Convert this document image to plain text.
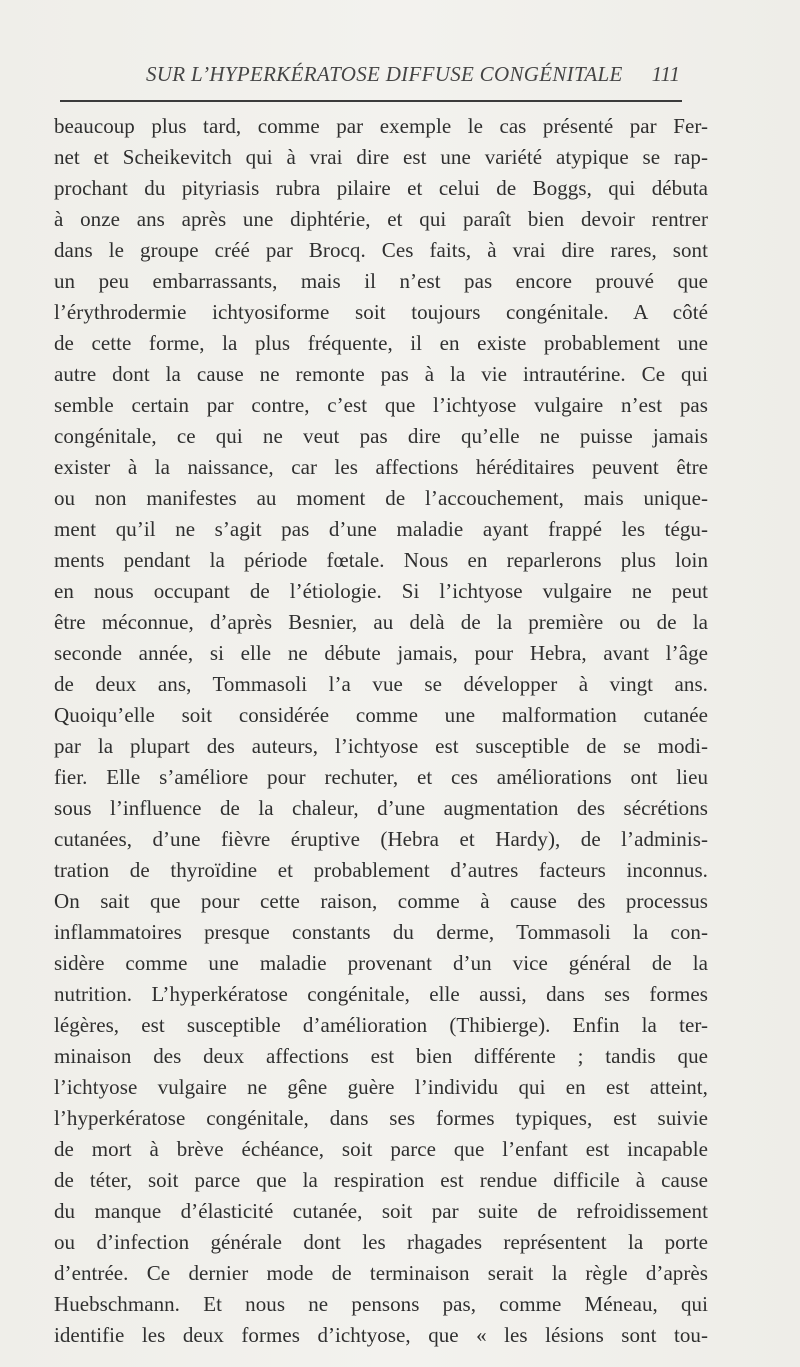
SUR L’HYPERKÉRATOSE DIFFUSE CONGÉNITALE 111
beaucoup plus tard, comme par exemple le cas présenté par Fer-
net et Scheikevitch qui à vrai dire est une variété atypique se rap-
prochant du pityriasis rubra pilaire et celui de Boggs, qui débuta
à onze ans après une diphtérie, et qui paraît bien devoir rentrer
dans le groupe créé par Brocq. Ces faits, à vrai dire rares, sont
un peu embarrassants, mais il n’est pas encore prouvé que
l’érythrodermie ichtyosiforme soit toujours congénitale. A côté
de cette forme, la plus fréquente, il en existe probablement une
autre dont la cause ne remonte pas à la vie intrautérine. Ce qui
semble certain par contre, c’est que l’ichtyose vulgaire n’est pas
congénitale, ce qui ne veut pas dire qu’elle ne puisse jamais
exister à la naissance, car les affections héréditaires peuvent être
ou non manifestes au moment de l’accouchement, mais unique-
ment qu’il ne s’agit pas d’une maladie ayant frappé les tégu-
ments pendant la période fœtale. Nous en reparlerons plus loin
en nous occupant de l’étiologie. Si l’ichtyose vulgaire ne peut
être méconnue, d’après Besnier, au delà de la première ou de la
seconde année, si elle ne débute jamais, pour Hebra, avant l’âge
de deux ans, Tommasoli l’a vue se développer à vingt ans.
Quoiqu’elle soit considérée comme une malformation cutanée
par la plupart des auteurs, l’ichtyose est susceptible de se modi-
fier. Elle s’améliore pour rechuter, et ces améliorations ont lieu
sous l’influence de la chaleur, d’une augmentation des sécrétions
cutanées, d’une fièvre éruptive (Hebra et Hardy), de l’adminis-
tration de thyroïdine et probablement d’autres facteurs inconnus.
On sait que pour cette raison, comme à cause des processus
inflammatoires presque constants du derme, Tommasoli la con-
sidère comme une maladie provenant d’un vice général de la
nutrition. L’hyperkératose congénitale, elle aussi, dans ses formes
légères, est susceptible d’amélioration (Thibierge). Enfin la ter-
minaison des deux affections est bien différente ; tandis que
l’ichtyose vulgaire ne gêne guère l’individu qui en est atteint,
l’hyperkératose congénitale, dans ses formes typiques, est suivie
de mort à brève échéance, soit parce que l’enfant est incapable
de téter, soit parce que la respiration est rendue difficile à cause
du manque d’élasticité cutanée, soit par suite de refroidissement
ou d’infection générale dont les rhagades représentent la porte
d’entrée. Ce dernier mode de terminaison serait la règle d’après
Huebschmann. Et nous ne pensons pas, comme Méneau, qui
identifie les deux formes d’ichtyose, que « les lésions sont tou-
